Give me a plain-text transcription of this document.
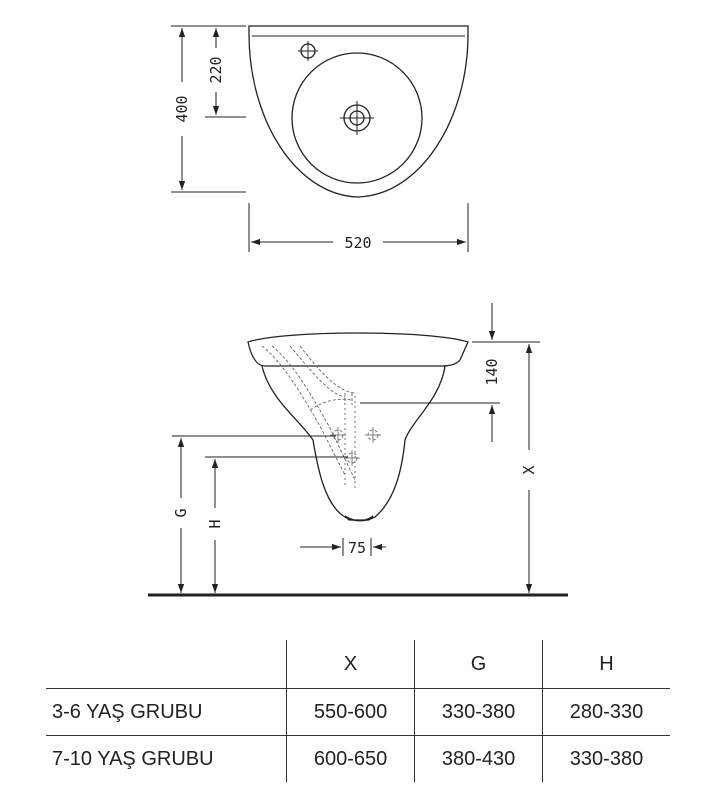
400
220
520
140
X
G
H
75
	X	G	H
3-6 YAŞ GRUBU	550-600	330-380	280-330
7-10 YAŞ GRUBU	600-650	380-430	330-380
